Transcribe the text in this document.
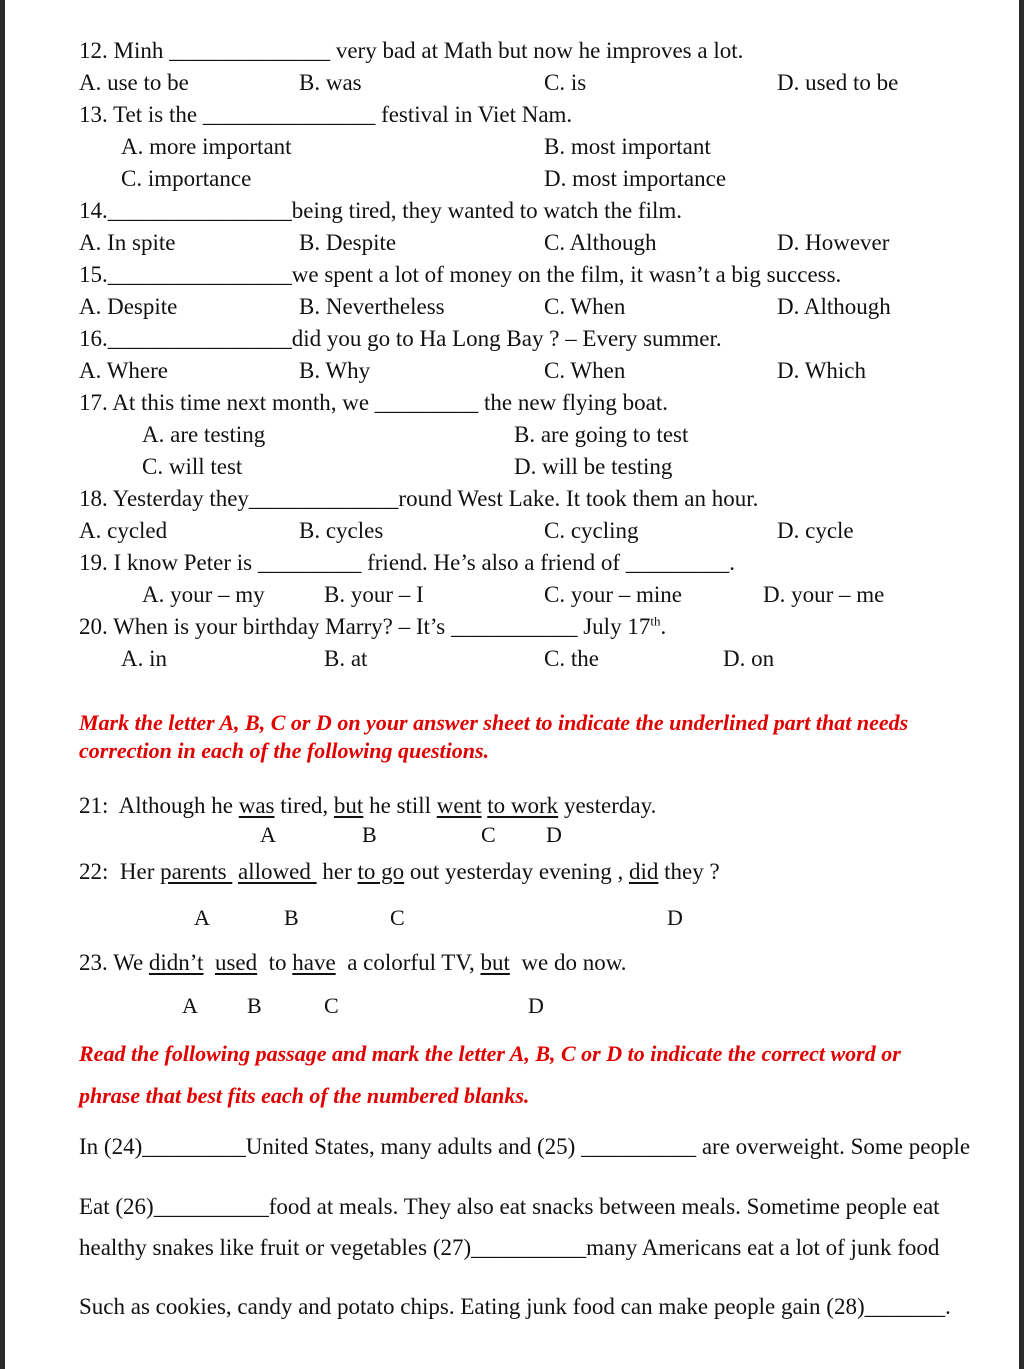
12. Minh ______________ very bad at Math but now he improves a lot.
A. use to be	B. was	C. is	D. used to be
13. Tet is the _______________ festival in Viet Nam.
A. more important	B. most important
C. importance	D. most importance
14.________________being tired, they wanted to watch the film.
A. In spite	B. Despite	C. Although	D. However
15.________________we spent a lot of money on the film, it wasn’t a big success.
A. Despite	B. Nevertheless	C. When	D. Although
16.________________did you go to Ha Long Bay ? – Every summer.
A. Where	B. Why	C. When	D. Which
17. At this time next month, we _________ the new flying boat.
A. are testing	B. are going to test
C. will test	D. will be testing
18. Yesterday they_____________round West Lake. It took them an hour.
A. cycled	B. cycles	C. cycling	D. cycle
19. I know Peter is _________ friend. He’s also a friend of _________.
A. your – my	B. your – I	C. your – mine	D. your – me
20. When is your birthday Marry? – It’s ___________ July 17th.
A. in	B. at	C. the	D. on
Mark the letter A, B, C or D on your answer sheet to indicate the underlined part that needs
correction in each of the following questions.
21:  Although he was tired, but he still went to work yesterday.
A	B	C D
22:  Her parents  allowed  her to go out yesterday evening , did they ?
A	B	C	D
23. We didn’t used  to have  a colorful TV, but  we do now.
A B	C	D
Read the following passage and mark the letter A, B, C or D to indicate the correct word or
phrase that best fits each of the numbered blanks.
In (24)_________United States, many adults and (25) __________ are overweight. Some people
Eat (26)__________food at meals. They also eat snacks between meals. Sometime people eat
healthy snakes like fruit or vegetables (27)__________many Americans eat a lot of junk food
Such as cookies, candy and potato chips. Eating junk food can make people gain (28)_______.
